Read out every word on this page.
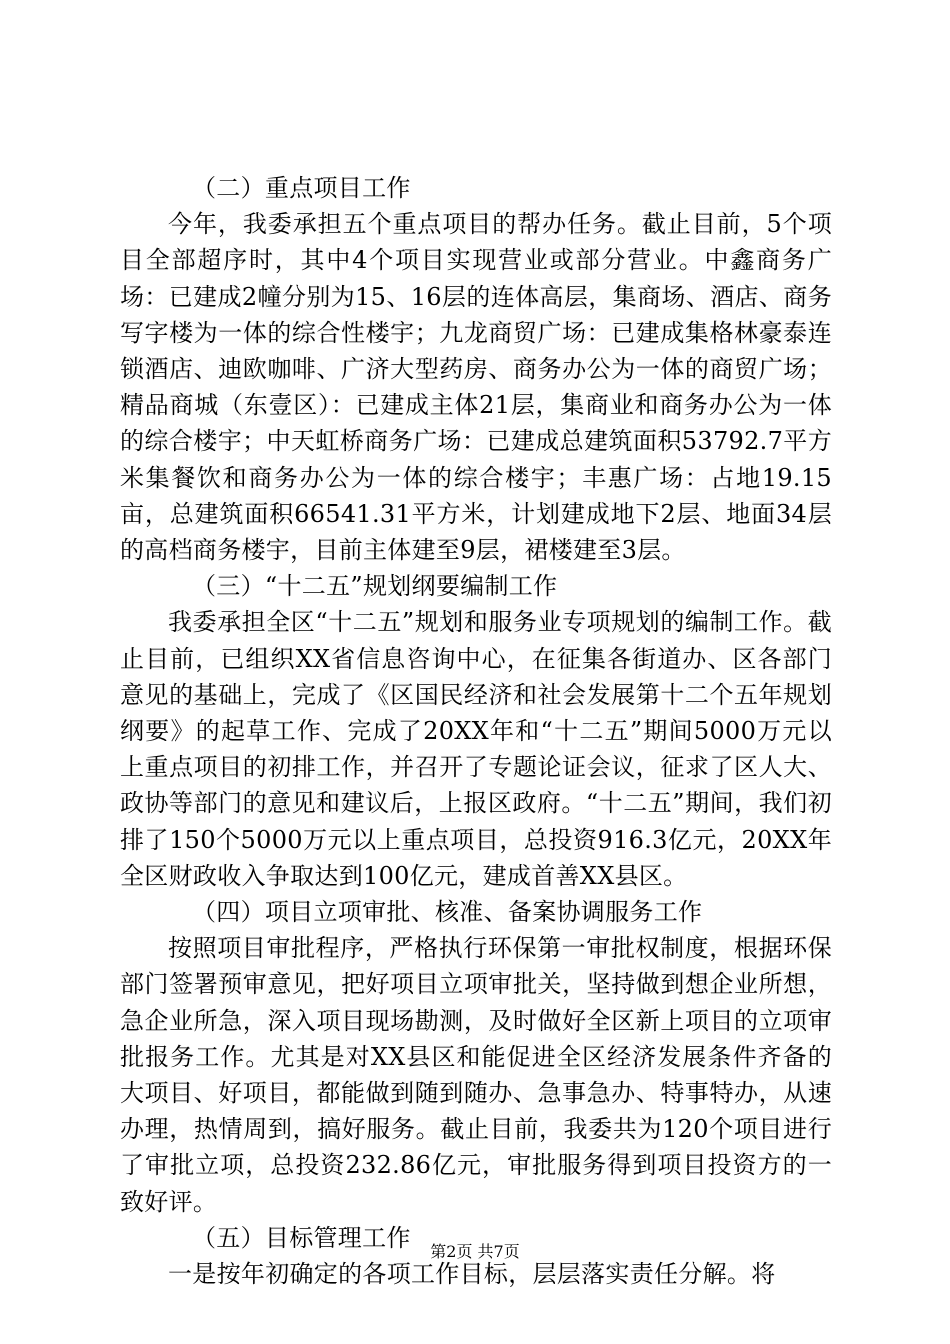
（二）重点项目工作

今年，我委承担五个重点项目的帮办任务。截止目前，5个项目全部超序时，其中4个项目实现营业或部分营业。中鑫商务广场：已建成2幢分别为15、16层的连体高层，集商场、酒店、商务写字楼为一体的综合性楼宇；九龙商贸广场：已建成集格林豪泰连锁酒店、迪欧咖啡、广济大型药房、商务办公为一体的商贸广场；精品商城（东壹区）：已建成主体21层，集商业和商务办公为一体的综合楼宇；中天虹桥商务广场：已建成总建筑面积53792.7平方米集餐饮和商务办公为一体的综合楼宇；丰惠广场：占地19.15亩，总建筑面积66541.31平方米，计划建成地下2层、地面34层的高档商务楼宇，目前主体建至9层，裙楼建至3层。

（三）“十二五”规划纲要编制工作

我委承担全区“十二五”规划和服务业专项规划的编制工作。截止目前，已组织XX省信息咨询中心，在征集各街道办、区各部门意见的基础上，完成了《区国民经济和社会发展第十二个五年规划纲要》的起草工作、完成了20XX年和“十二五”期间5000万元以上重点项目的初排工作，并召开了专题论证会议，征求了区人大、政协等部门的意见和建议后，上报区政府。“十二五”期间，我们初排了150个5000万元以上重点项目，总投资916.3亿元，20XX年全区财政收入争取达到100亿元，建成首善XX县区。

（四）项目立项审批、核准、备案协调服务工作

按照项目审批程序，严格执行环保第一审批权制度，根据环保部门签署预审意见，把好项目立项审批关，坚持做到想企业所想，急企业所急，深入项目现场勘测，及时做好全区新上项目的立项审批报务工作。尤其是对XX县区和能促进全区经济发展条件齐备的大项目、好项目，都能做到随到随办、急事急办、特事特办，从速办理，热情周到，搞好服务。截止目前，我委共为120个项目进行了审批立项，总投资232.86亿元，审批服务得到项目投资方的一致好评。

（五）目标管理工作

一是按年初确定的各项工作目标，层层落实责任分解。将

第2页 共7页
